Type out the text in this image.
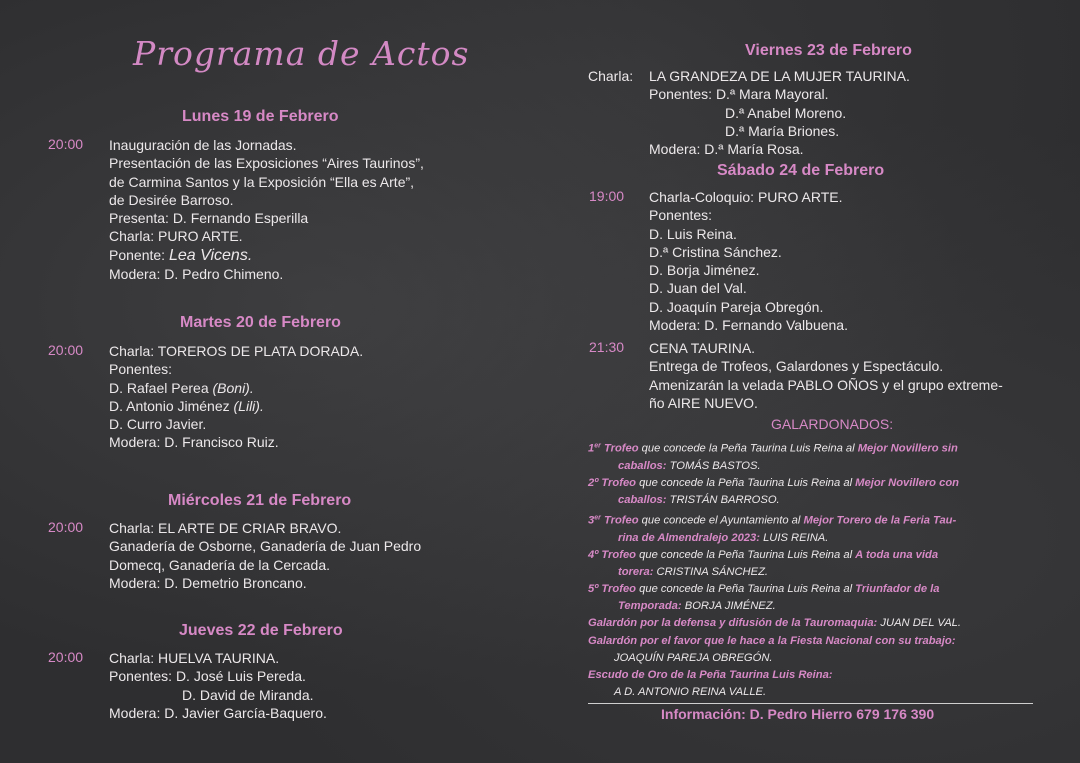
Programa de Actos
Lunes 19 de Febrero
20:00 Inauguración de las Jornadas.
Presentación de las Exposiciones “Aires Taurinos”,
de Carmina Santos y la Exposición “Ella es Arte”,
de Desirée Barroso.
Presenta: D. Fernando Esperilla
Charla: PURO ARTE.
Ponente: Lea Vicens.
Modera: D. Pedro Chimeno.
Martes 20 de Febrero
20:00 Charla: TOREROS DE PLATA DORADA.
Ponentes:
D. Rafael Perea (Boni).
D. Antonio Jiménez (Lili).
D. Curro Javier.
Modera: D. Francisco Ruiz.
Miércoles 21 de Febrero
20:00 Charla: EL ARTE DE CRIAR BRAVO.
Ganadería de Osborne, Ganadería de Juan Pedro
Domecq, Ganadería de la Cercada.
Modera: D. Demetrio Broncano.
Jueves 22 de Febrero
20:00 Charla: HUELVA TAURINA.
Ponentes: D. José Luis Pereda.
D. David de Miranda.
Modera: D. Javier García-Baquero.
Viernes 23 de Febrero
Charla: LA GRANDEZA DE LA MUJER TAURINA.
Ponentes: D.ª Mara Mayoral.
D.ª Anabel Moreno.
D.ª María Briones.
Modera: D.ª María Rosa.
Sábado 24 de Febrero
19:00 Charla-Coloquio: PURO ARTE.
Ponentes:
D. Luis Reina.
D.ª Cristina Sánchez.
D. Borja Jiménez.
D. Juan del Val.
D. Joaquín Pareja Obregón.
Modera: D. Fernando Valbuena.
21:30 CENA TAURINA.
Entrega de Trofeos, Galardones y Espectáculo.
Amenizarán la velada PABLO OÑOS y el grupo extreme-
ño AIRE NUEVO.
GALARDONADOS:
1er Trofeo que concede la Peña Taurina Luis Reina al Mejor Novillero sin
caballos: TOMÁS BASTOS.
2º Trofeo que concede la Peña Taurina Luis Reina al Mejor Novillero con
caballos: TRISTÁN BARROSO.
3er Trofeo que concede el Ayuntamiento al Mejor Torero de la Feria Tau-
rina de Almendralejo 2023: LUIS REINA.
4º Trofeo que concede la Peña Taurina Luis Reina al A toda una vida
torera: CRISTINA SÁNCHEZ.
5º Trofeo que concede la Peña Taurina Luis Reina al Triunfador de la
Temporada: BORJA JIMÉNEZ.
Galardón por la defensa y difusión de la Tauromaquia: JUAN DEL VAL.
Galardón por el favor que le hace a la Fiesta Nacional con su trabajo:
JOAQUÍN PAREJA OBREGÓN.
Escudo de Oro de la Peña Taurina Luis Reina:
A D. ANTONIO REINA VALLE.
Información: D. Pedro Hierro 679 176 390
